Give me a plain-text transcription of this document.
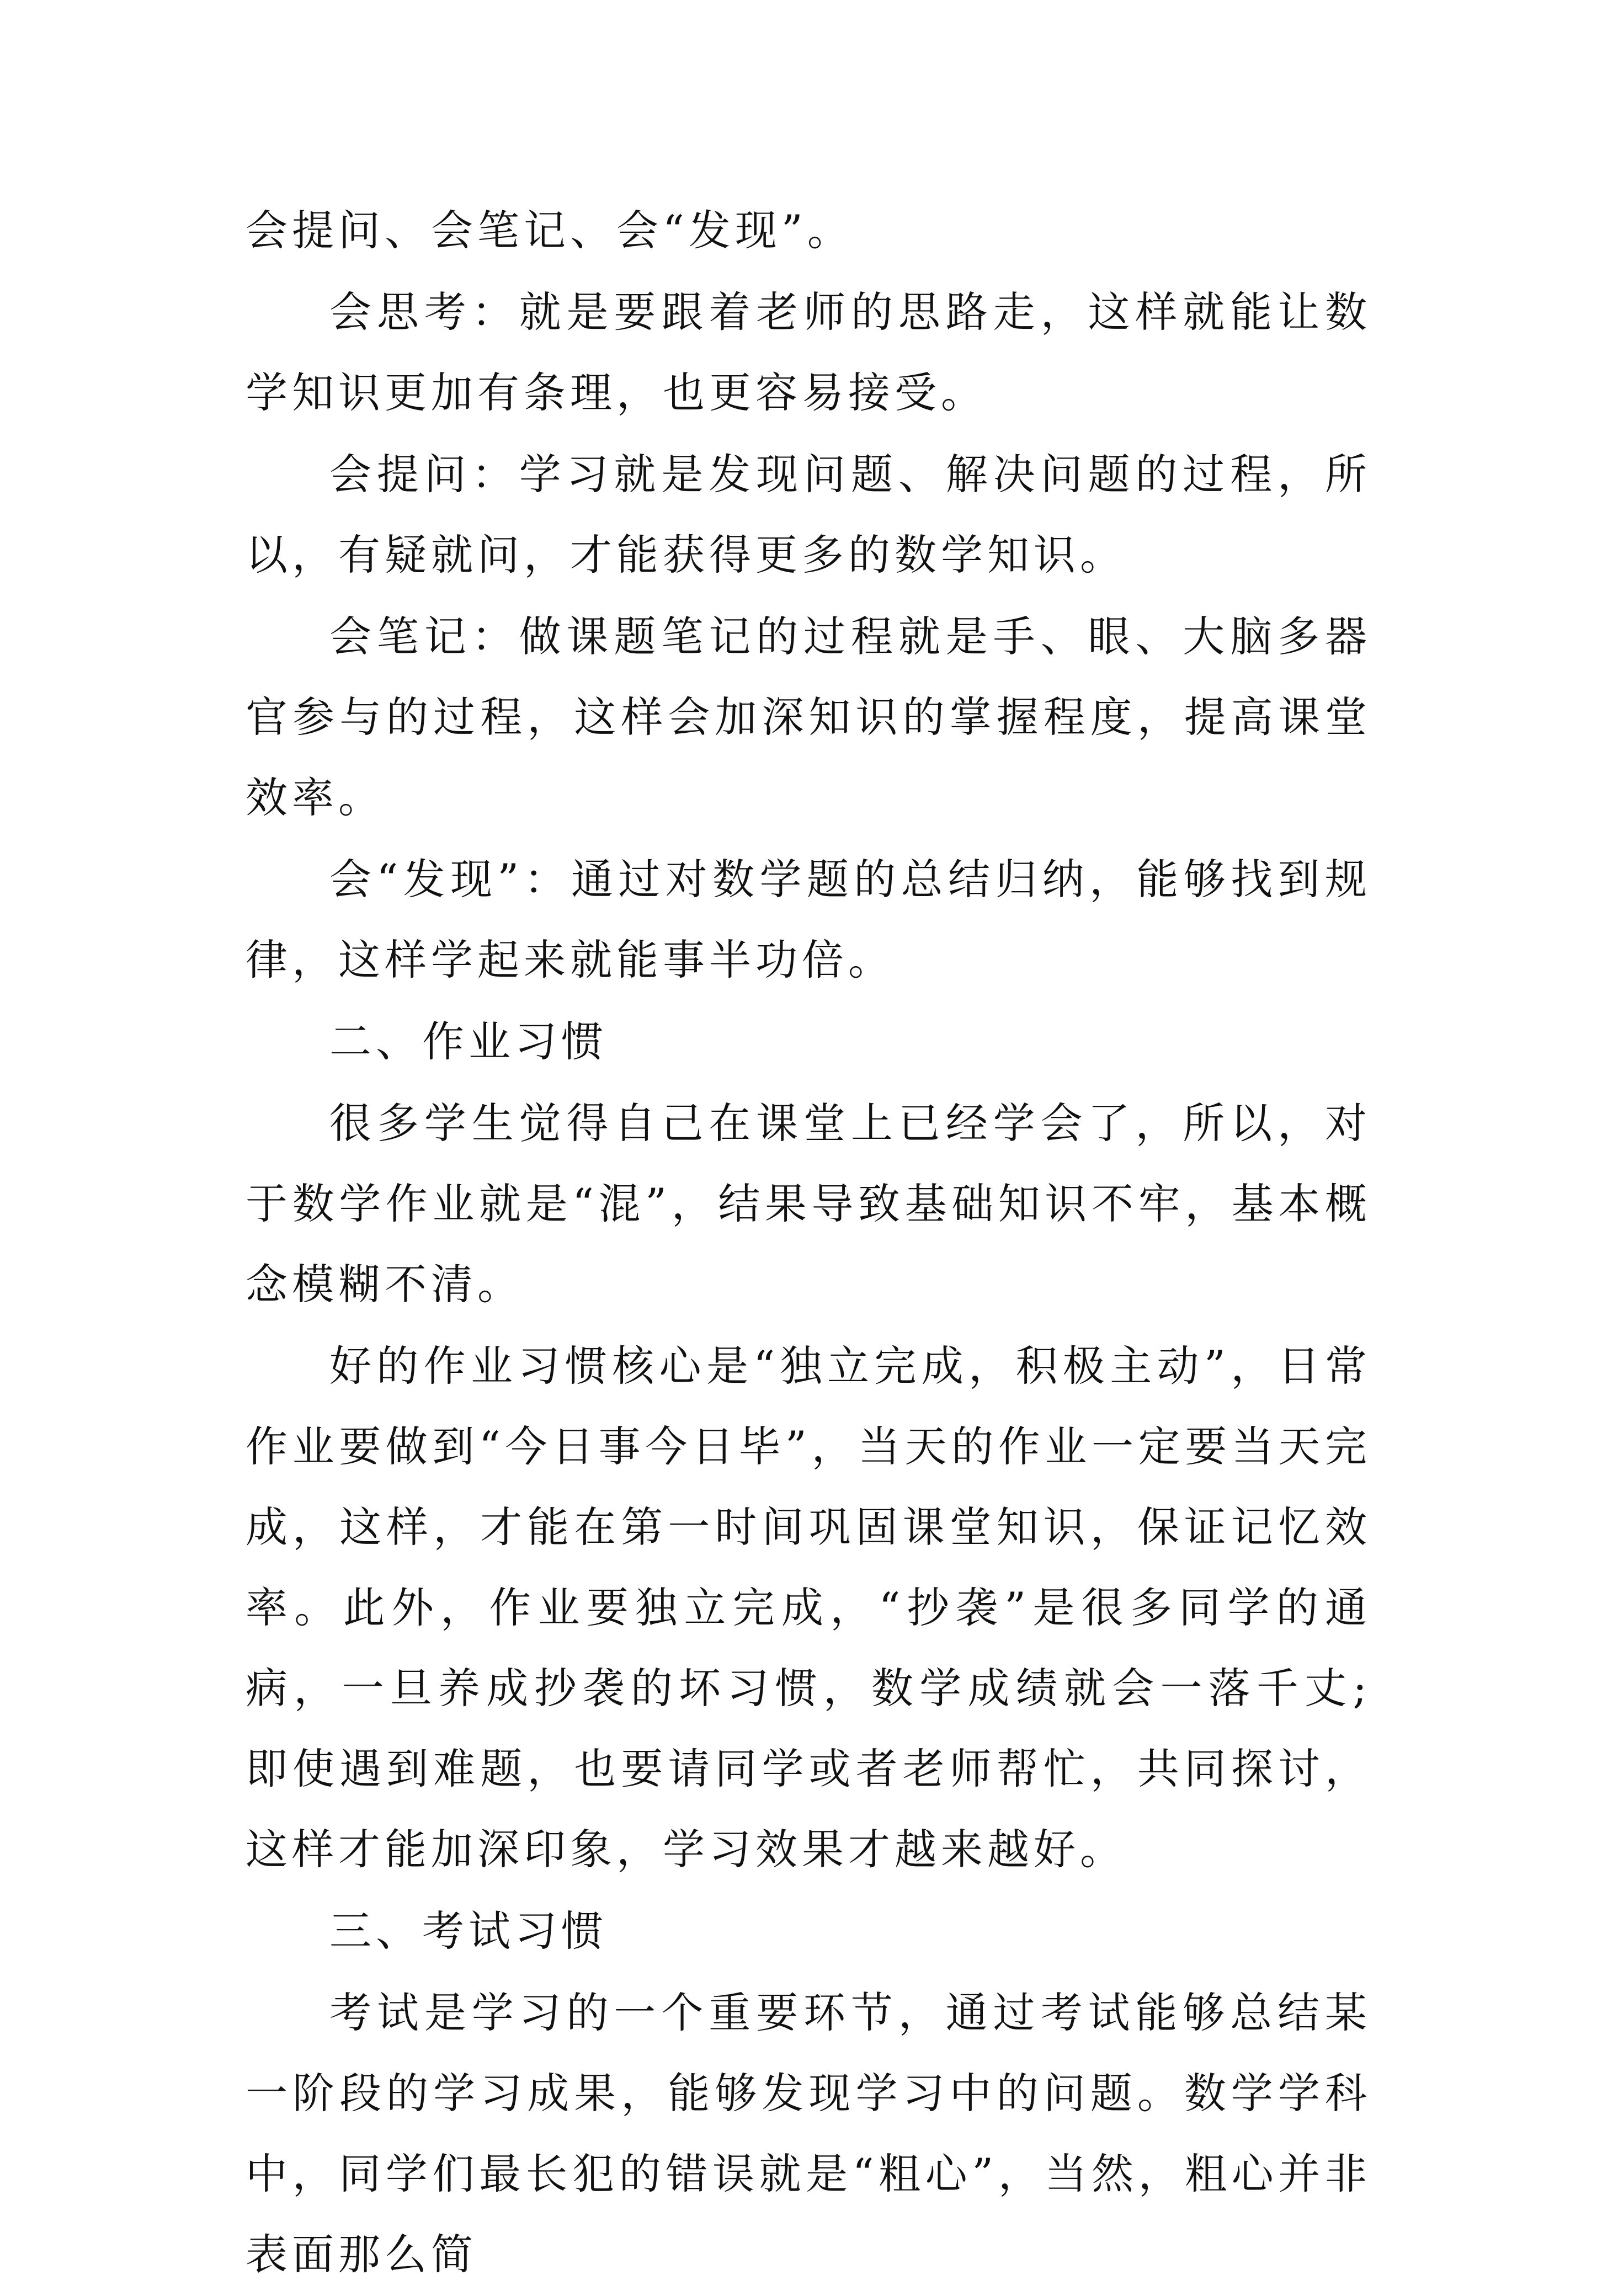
会提问、会笔记、会“发现”。

会思考：就是要跟着老师的思路走，这样就能让数学知识更加有条理，也更容易接受。

会提问：学习就是发现问题、解决问题的过程，所以，有疑就问，才能获得更多的数学知识。

会笔记：做课题笔记的过程就是手、眼、大脑多器官参与的过程，这样会加深知识的掌握程度，提高课堂效率。

会“发现”：通过对数学题的总结归纳，能够找到规律，这样学起来就能事半功倍。

二、作业习惯

很多学生觉得自己在课堂上已经学会了，所以，对于数学作业就是“混”，结果导致基础知识不牢，基本概念模糊不清。

好的作业习惯核心是“独立完成，积极主动”，日常作业要做到“今日事今日毕”，当天的作业一定要当天完成，这样，才能在第一时间巩固课堂知识，保证记忆效率。此外，作业要独立完成，“抄袭”是很多同学的通病，一旦养成抄袭的坏习惯，数学成绩就会一落千丈;即使遇到难题，也要请同学或者老师帮忙，共同探讨，这样才能加深印象，学习效果才越来越好。

三、考试习惯

考试是学习的一个重要环节，通过考试能够总结某一阶段的学习成果，能够发现学习中的问题。数学学科中，同学们最长犯的错误就是“粗心”，当然，粗心并非表面那么简
